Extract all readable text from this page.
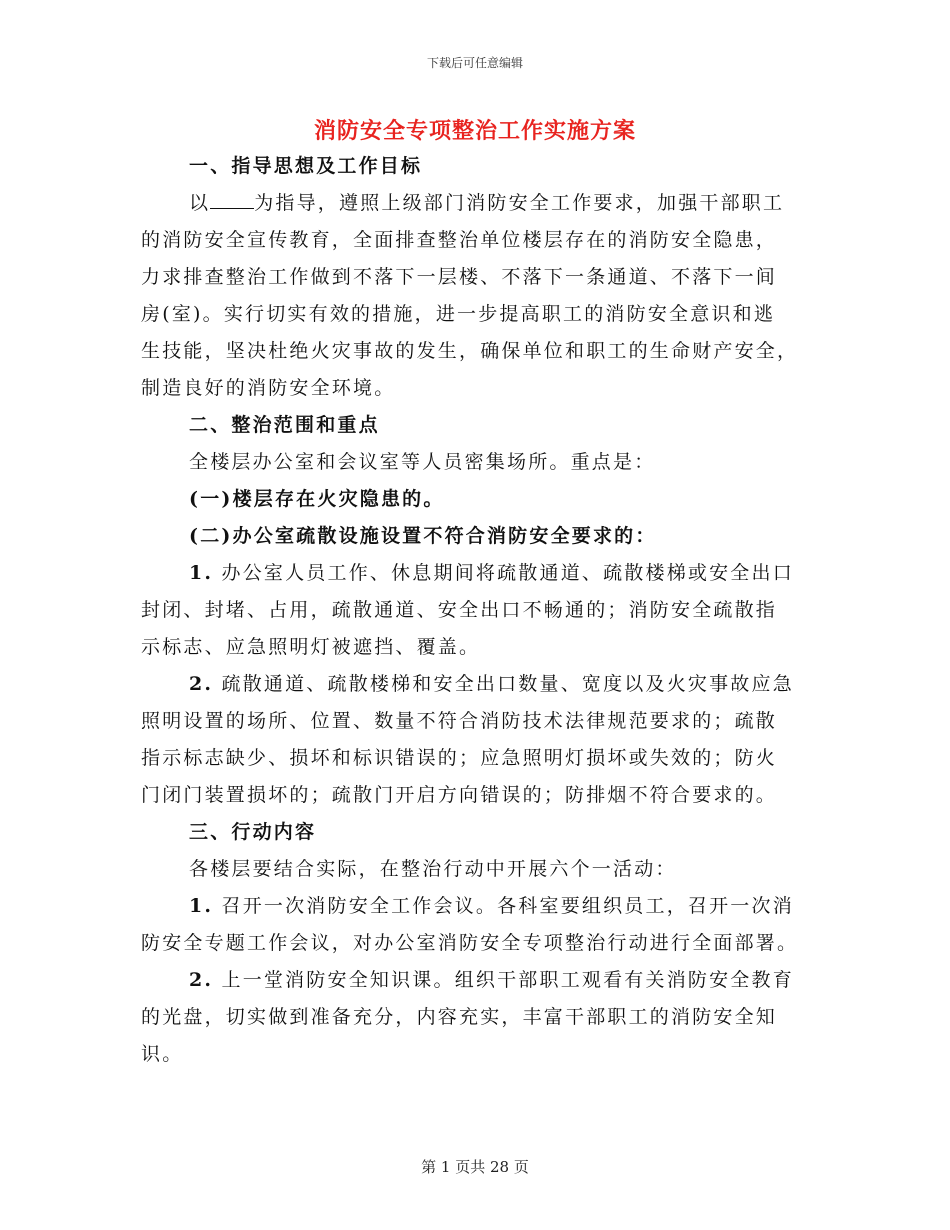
下载后可任意编辑
消防安全专项整治工作实施方案
一、指导思想及工作目标
以 为指导，遵照上级部门消防安全工作要求，加强干部职工
的消防安全宣传教育，全面排查整治单位楼层存在的消防安全隐患，
力求排查整治工作做到不落下一层楼、不落下一条通道、不落下一间
房(室)。实行切实有效的措施，进一步提高职工的消防安全意识和逃
生技能，坚决杜绝火灾事故的发生，确保单位和职工的生命财产安全，
制造良好的消防安全环境。
二、整治范围和重点
全楼层办公室和会议室等人员密集场所。重点是：
(一)楼层存在火灾隐患的。
(二)办公室疏散设施设置不符合消防安全要求的：
1. 办公室人员工作、休息期间将疏散通道、疏散楼梯或安全出口
封闭、封堵、占用，疏散通道、安全出口不畅通的；消防安全疏散指
示标志、应急照明灯被遮挡、覆盖。
2. 疏散通道、疏散楼梯和安全出口数量、宽度以及火灾事故应急
照明设置的场所、位置、数量不符合消防技术法律规范要求的；疏散
指示标志缺少、损坏和标识错误的；应急照明灯损坏或失效的；防火
门闭门装置损坏的；疏散门开启方向错误的；防排烟不符合要求的。
三、行动内容
各楼层要结合实际，在整治行动中开展六个一活动：
1. 召开一次消防安全工作会议。各科室要组织员工，召开一次消
防安全专题工作会议，对办公室消防安全专项整治行动进行全面部署。
2. 上一堂消防安全知识课。组织干部职工观看有关消防安全教育
的光盘，切实做到准备充分，内容充实，丰富干部职工的消防安全知
识。
第 1 页共 28 页
